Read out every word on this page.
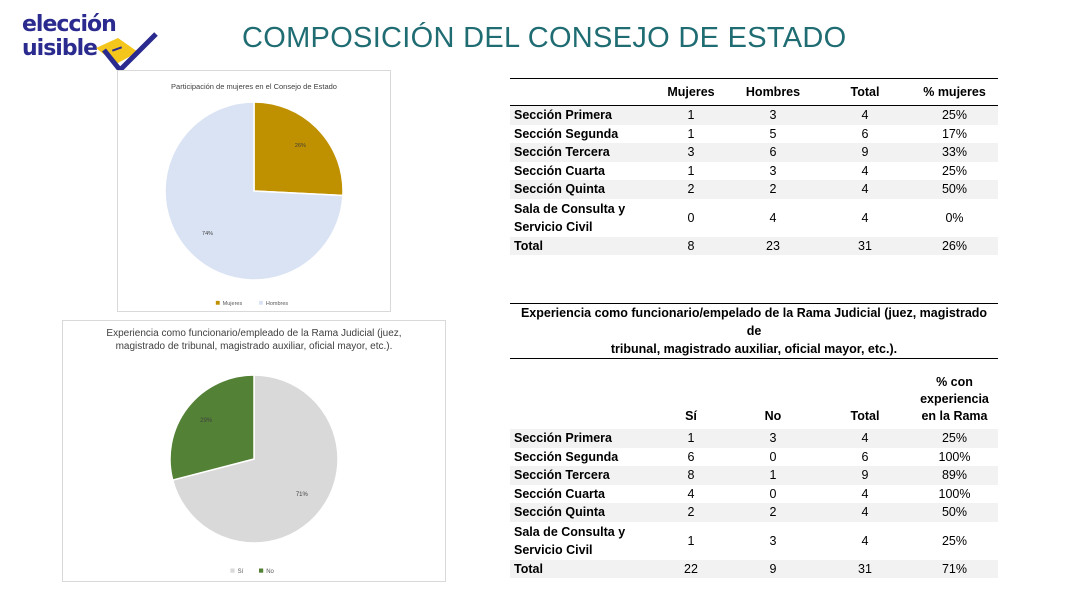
elección
uisible	COMPOSICIÓN DEL CONSEJO DE ESTADO
Participación de mujeres en el Consejo de Estado
26%
74%
Mujeres	Hombres
Experiencia como funcionario/empleado de la Rama Judicial (juez,
magistrado de tribunal, magistrado auxiliar, oficial mayor, etc.).
71%
29%
Sí	No
	Mujeres	Hombres	Total	% mujeres
Sección Primera	1	3	4	25%
Sección Segunda	1	5	6	17%
Sección Tercera	3	6	9	33%
Sección Cuarta	1	3	4	25%
Sección Quinta	2	2	4	50%
Sala de Consulta y
Servicio Civil	0	4	4	0%
Total	8	23	31	26%
Experiencia como funcionario/empelado de la Rama Judicial (juez, magistrado de
tribunal, magistrado auxiliar, oficial mayor, etc.).				
	Sí	No	Total	% con
experiencia
en la Rama
Sección Primera	1	3	4	25%
Sección Segunda	6	0	6	100%
Sección Tercera	8	1	9	89%
Sección Cuarta	4	0	4	100%
Sección Quinta	2	2	4	50%
Sala de Consulta y
Servicio Civil	1	3	4	25%
Total	22	9	31	71%
